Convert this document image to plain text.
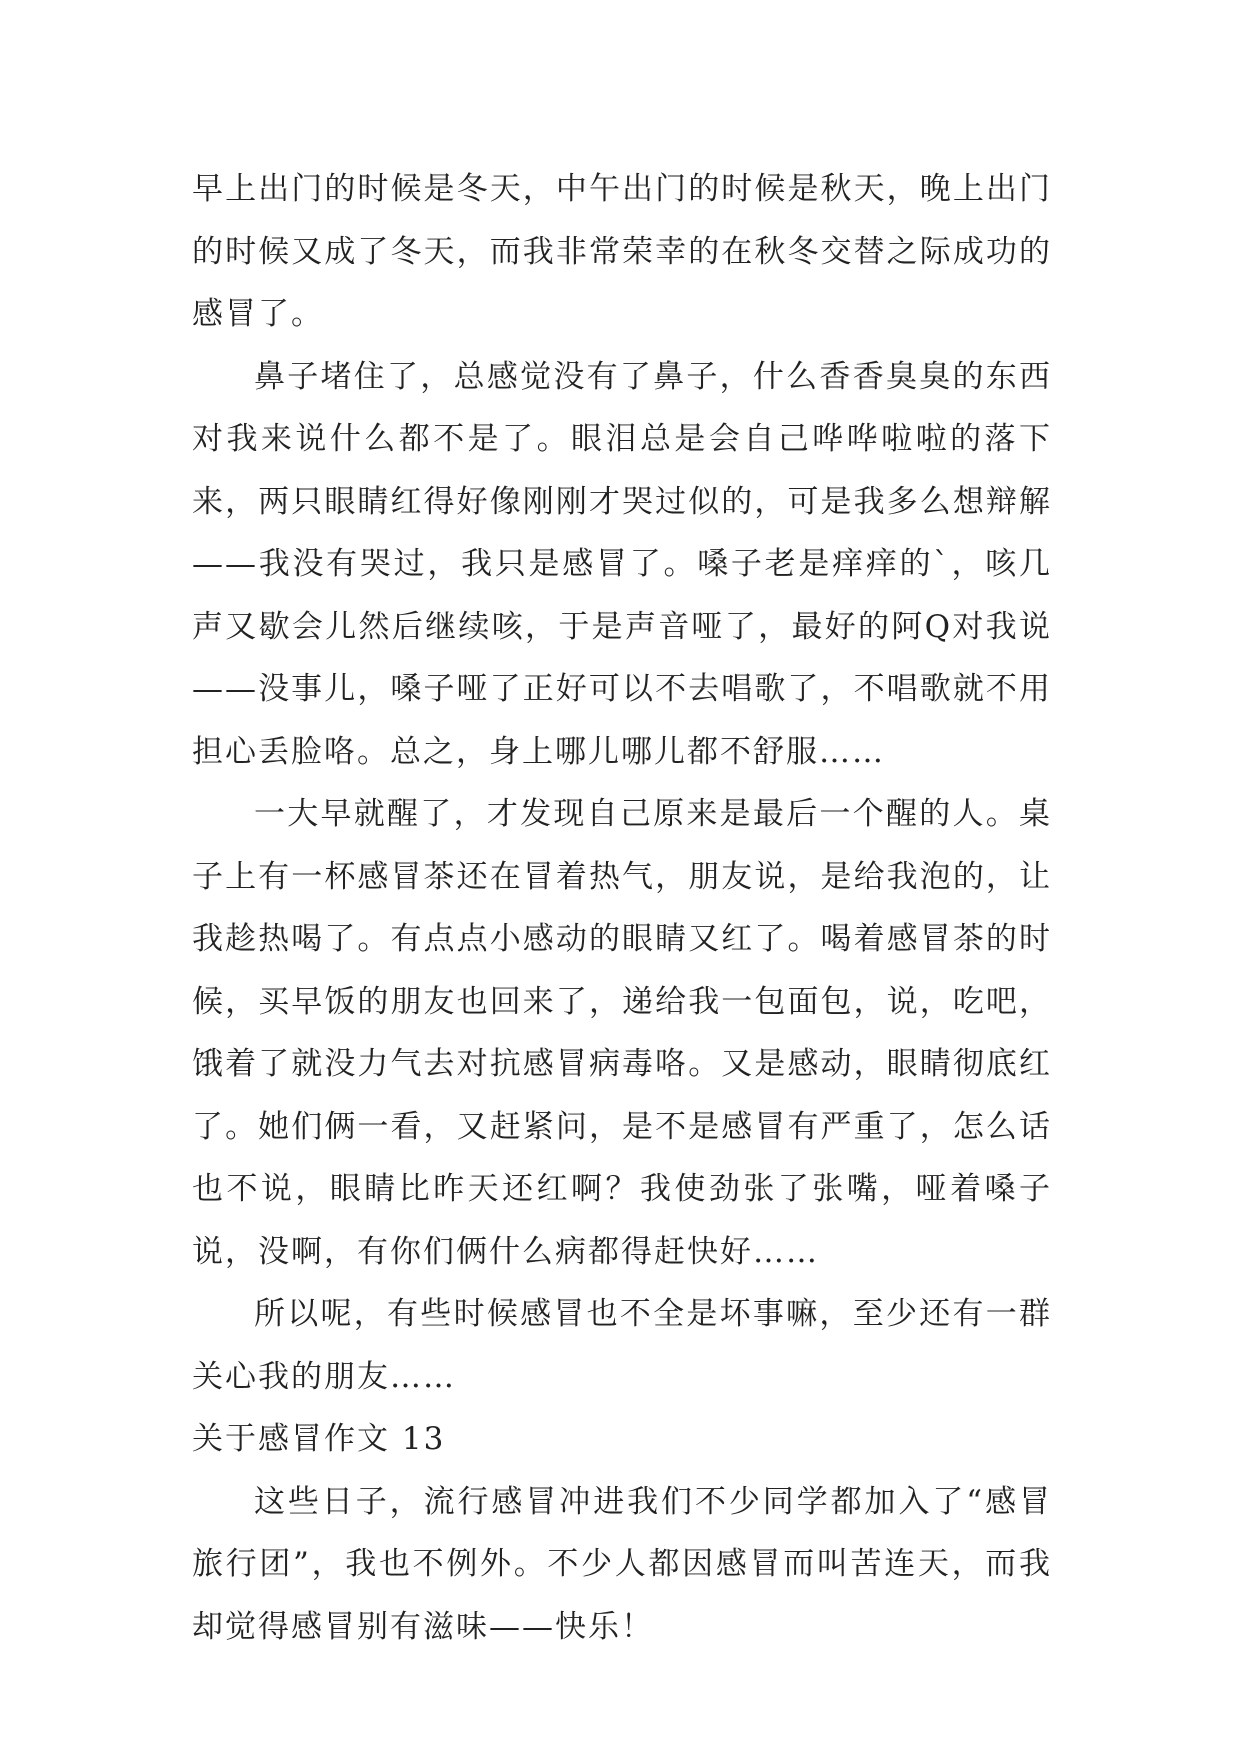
早上出门的时候是冬天，中午出门的时候是秋天，晚上出门的时候又成了冬天，而我非常荣幸的在秋冬交替之际成功的感冒了。

鼻子堵住了，总感觉没有了鼻子，什么香香臭臭的东西对我来说什么都不是了。眼泪总是会自己哗哗啦啦的落下来，两只眼睛红得好像刚刚才哭过似的，可是我多么想辩解——我没有哭过，我只是感冒了。嗓子老是痒痒的`，咳几声又歇会儿然后继续咳，于是声音哑了，最好的阿Q对我说——没事儿，嗓子哑了正好可以不去唱歌了，不唱歌就不用担心丢脸咯。总之，身上哪儿哪儿都不舒服……

一大早就醒了，才发现自己原来是最后一个醒的人。桌子上有一杯感冒茶还在冒着热气，朋友说，是给我泡的，让我趁热喝了。有点点小感动的眼睛又红了。喝着感冒茶的时候，买早饭的朋友也回来了，递给我一包面包，说，吃吧，饿着了就没力气去对抗感冒病毒咯。又是感动，眼睛彻底红了。她们俩一看，又赶紧问，是不是感冒有严重了，怎么话也不说，眼睛比昨天还红啊？我使劲张了张嘴，哑着嗓子说，没啊，有你们俩什么病都得赶快好……

所以呢，有些时候感冒也不全是坏事嘛，至少还有一群关心我的朋友……

关于感冒作文 13

这些日子，流行感冒冲进我们不少同学都加入了“感冒旅行团”，我也不例外。不少人都因感冒而叫苦连天，而我却觉得感冒别有滋味——快乐！
